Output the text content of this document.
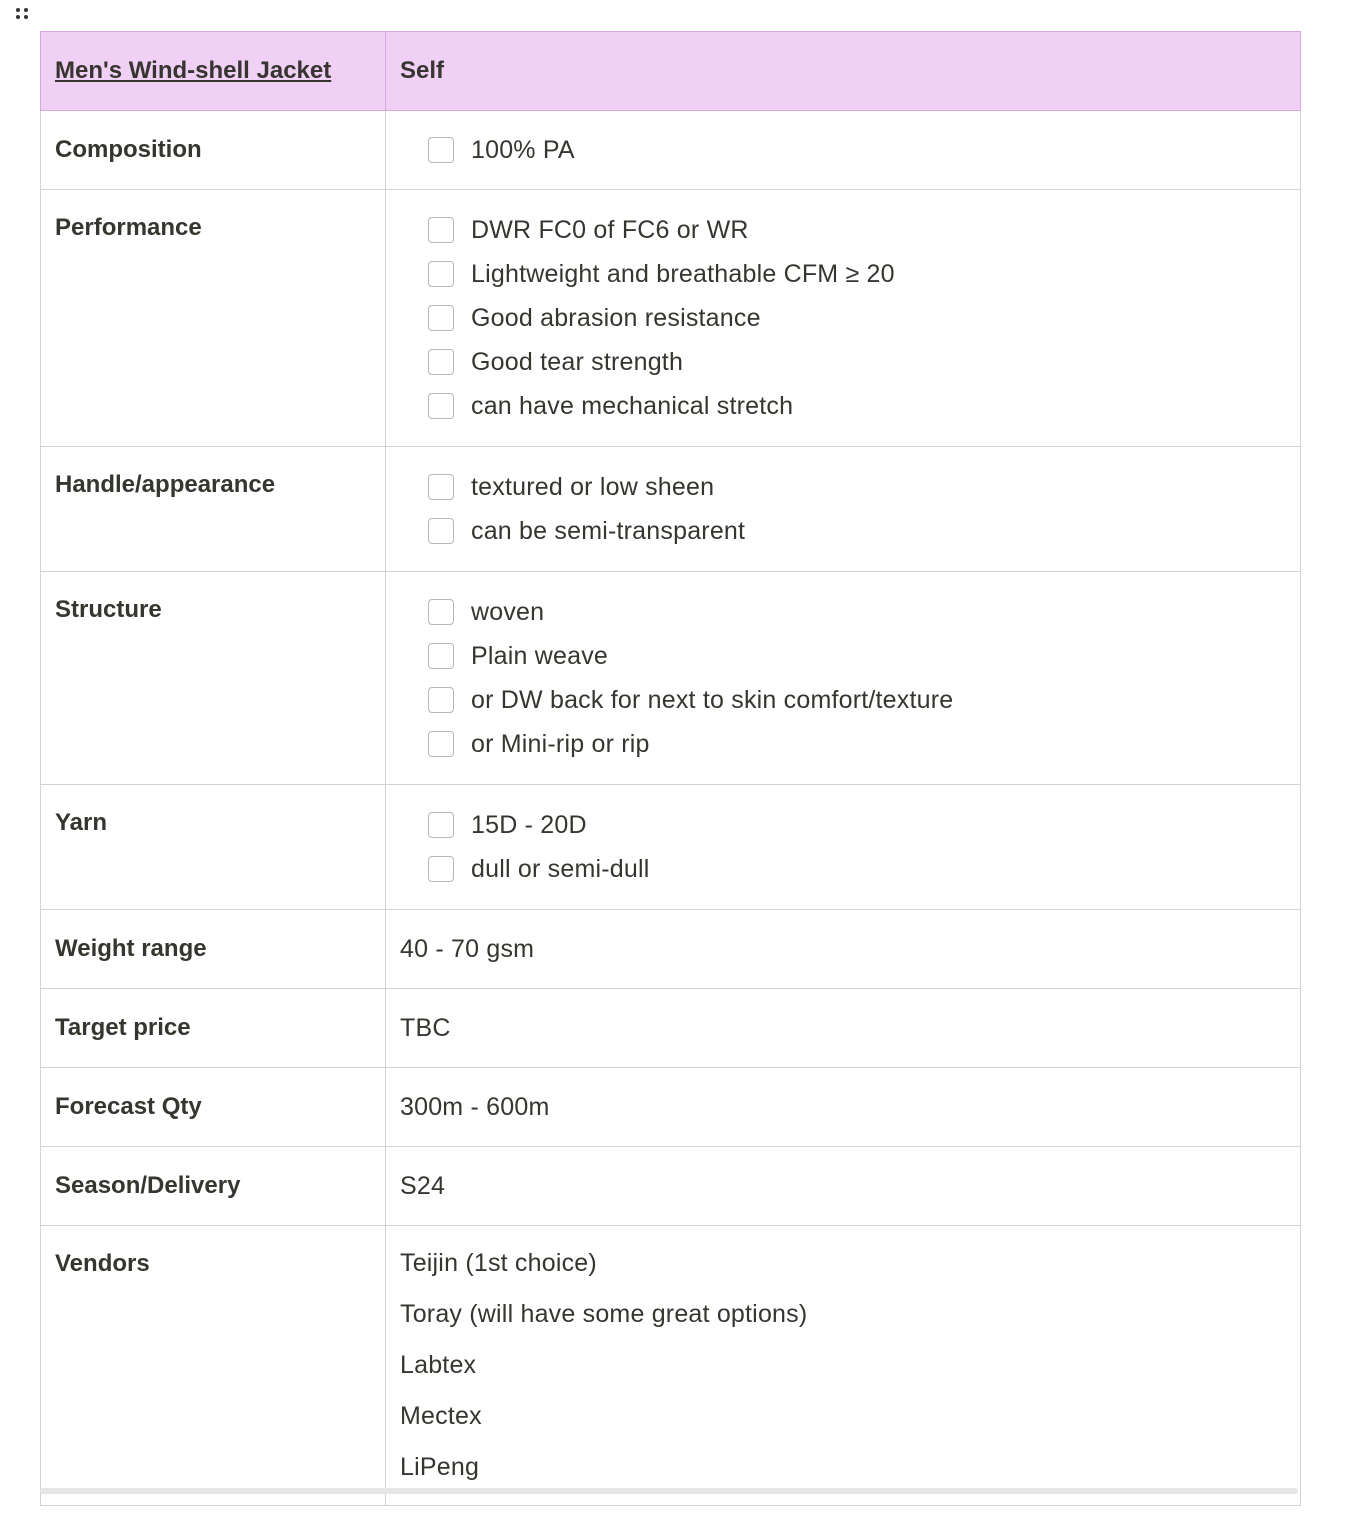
Men's Wind-shell Jacket	Self

Composition	100% PA

Performance	DWR FC0 of FC6 or WR
Lightweight and breathable CFM ≥ 20
Good abrasion resistance
Good tear strength
can have mechanical stretch

Handle/appearance	textured or low sheen
can be semi-transparent

Structure	woven
Plain weave
or DW back for next to skin comfort/texture
or Mini-rip or rip

Yarn	15D - 20D
dull or semi-dull

Weight range	40 - 70 gsm

Target price	TBC

Forecast Qty	300m - 600m

Season/Delivery	S24

Vendors	Teijin (1st choice)
Toray (will have some great options)
Labtex
Mectex
LiPeng
